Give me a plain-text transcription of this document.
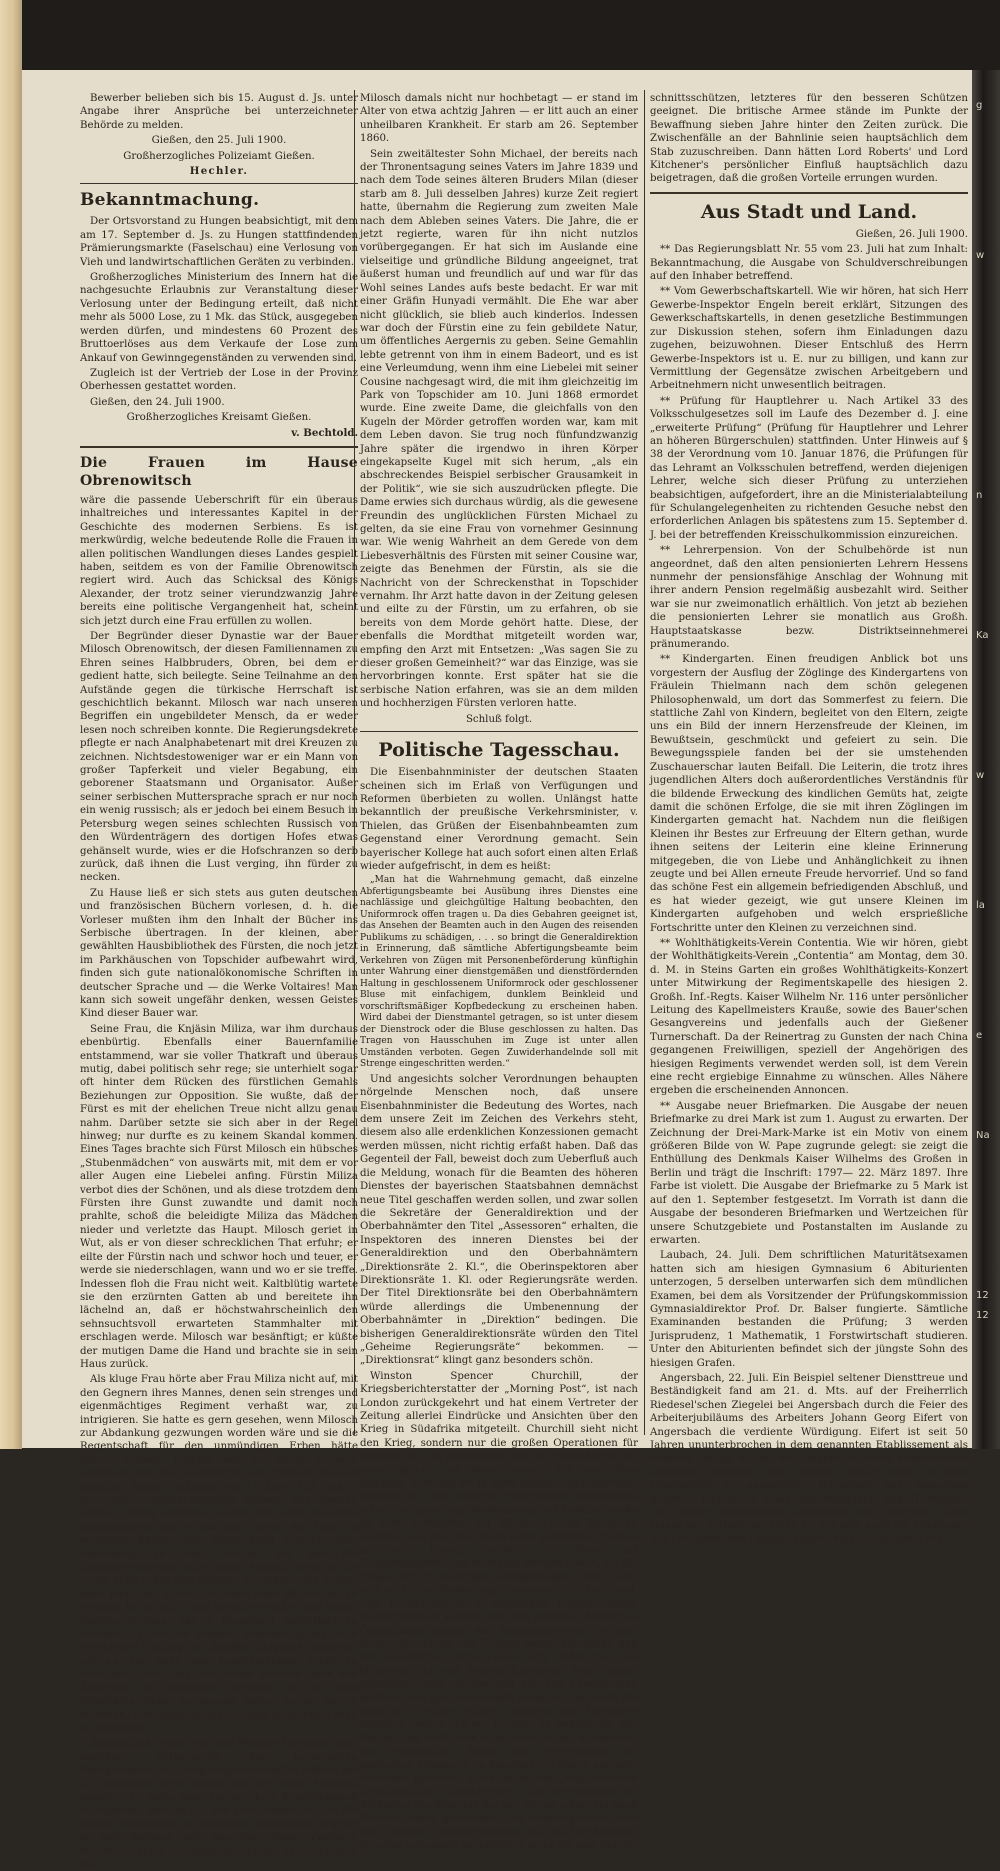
g
w
n
Ka
w
la
e
Na
12
12

Bewerber belieben sich bis 15. August d. Js. unter Angabe ihrer Ansprüche bei unterzeichneter Behörde zu melden.

Gießen, den 25. Juli 1900.

Großherzogliches Polizeiamt Gießen.

Hechler.

Bekanntmachung.

Der Ortsvorstand zu Hungen beabsichtigt, mit dem am 17. September d. Js. zu Hungen stattfindenden Prämierungsmarkte (Faselschau) eine Verlosung von Vieh und landwirtschaftlichen Geräten zu verbinden.

Großherzogliches Ministerium des Innern hat die nachgesuchte Erlaubnis zur Veranstaltung dieser Verlosung unter der Bedingung erteilt, daß nicht mehr als 5000 Lose, zu 1 Mk. das Stück, ausgegeben werden dürfen, und mindestens 60 Prozent des Bruttoerlöses aus dem Verkaufe der Lose zum Ankauf von Gewinngegenständen zu verwenden sind.

Zugleich ist der Vertrieb der Lose in der Provinz Oberhessen gestattet worden.

Gießen, den 24. Juli 1900.

Großherzogliches Kreisamt Gießen.

v. Bechtold.

Die Frauen im Hause Obrenowitsch

wäre die passende Ueberschrift für ein überaus inhaltreiches und interessantes Kapitel in der Geschichte des modernen Serbiens. Es ist merkwürdig, welche bedeutende Rolle die Frauen in allen politischen Wandlungen dieses Landes gespielt haben, seitdem es von der Familie Obrenowitsch regiert wird. Auch das Schicksal des Königs Alexander, der trotz seiner vierundzwanzig Jahre bereits eine politische Vergangenheit hat, scheint sich jetzt durch eine Frau erfüllen zu wollen.

Der Begründer dieser Dynastie war der Bauer Milosch Obrenowitsch, der diesen Familiennamen zu Ehren seines Halbbruders, Obren, bei dem er gedient hatte, sich beilegte. Seine Teilnahme an den Aufstände gegen die türkische Herrschaft ist geschichtlich bekannt. Milosch war nach unseren Begriffen ein ungebildeter Mensch, da er weder lesen noch schreiben konnte. Die Regierungsdekrete pflegte er nach Analphabetenart mit drei Kreuzen zu zeichnen. Nichtsdestoweniger war er ein Mann von großer Tapferkeit und vieler Begabung, ein geborener Staatsmann und Organisator. Außer seiner serbischen Muttersprache sprach er nur noch ein wenig russisch; als er jedoch bei einem Besuch in Petersburg wegen seines schlechten Russisch von den Würdenträgern des dortigen Hofes etwas gehänselt wurde, wies er die Hofschranzen so derb zurück, daß ihnen die Lust verging, ihn fürder zu necken.

Zu Hause ließ er sich stets aus guten deutschen und französischen Büchern vorlesen, d. h. die Vorleser mußten ihm den Inhalt der Bücher ins Serbische übertragen. In der kleinen, aber gewählten Hausbibliothek des Fürsten, die noch jetzt im Parkhäuschen von Topschider aufbewahrt wird, finden sich gute nationalökonomische Schriften in deutscher Sprache und — die Werke Voltaires! Man kann sich soweit ungefähr denken, wessen Geistes Kind dieser Bauer war.

Seine Frau, die Knjäsin Miliza, war ihm durchaus ebenbürtig. Ebenfalls einer Bauernfamilie entstammend, war sie voller Thatkraft und überaus mutig, dabei politisch sehr rege; sie unterhielt sogar oft hinter dem Rücken des fürstlichen Gemahls Beziehungen zur Opposition. Sie wußte, daß der Fürst es mit der ehelichen Treue nicht allzu genau nahm. Darüber setzte sie sich aber in der Regel hinweg; nur durfte es zu keinem Skandal kommen. Eines Tages brachte sich Fürst Milosch ein hübsches „Stubenmädchen“ von auswärts mit, mit dem er vor aller Augen eine Liebelei anfing. Fürstin Miliza verbot dies der Schönen, und als diese trotzdem dem Fürsten ihre Gunst zuwandte und damit noch prahlte, schoß die beleidigte Miliza das Mädchen nieder und verletzte das Haupt. Milosch geriet in Wut, als er von dieser schrecklichen That erfuhr; er eilte der Fürstin nach und schwor hoch und teuer, er werde sie niederschlagen, wann und wo er sie treffe. Indessen floh die Frau nicht weit. Kaltblütig wartete sie den erzürnten Gatten ab und bereitete ihn lächelnd an, daß er höchstwahrscheinlich den sehnsuchtsvoll erwarteten Stammhalter mit erschlagen werde. Milosch war besänftigt; er küßte der mutigen Dame die Hand und brachte sie in sein Haus zurück.

Als kluge Frau hörte aber Frau Miliza nicht auf, mit den Gegnern ihres Mannes, denen sein strenges und eigenmächtiges Regiment verhaßt war, zu intrigieren. Sie hatte es gern gesehen, wenn Milosch zur Abdankung gezwungen worden wäre und sie die Regentschaft für den unmündigen Erben hätte führen können. Endlich war die Sache so weit gediehen, daß die Skupschtina den Fürsten Milosch absetzte. Seine Erklärung vom 12. Juni 1839, daß er zu Gunsten seines nächsten Sohnes, des zweiten Sohnes Milan abdanke, wurde mit dem Bescheid angenommen, daß er und die Fürstin das Land zu verlassen hätten. Die Skupschtina schickte eine Abordnung an den Fürsten, um ihm die Landesverweisung mitzuteilen. Milosch empfing die Leute sehr ruhig und äußerte vornehm: „Ich bringe mich nicht auf; glaubt Ihr, ohne mich glücklicher zu werden, ist es gut.“ Bald darauf verließ er mit seiner Familie Serbien, um in Rumänien Aufenthalt zu nehmen. Es war ein schöner Sommertag, als er in vornehmer Haltung die Straßen Belgrads passierte, um an der Save das bereitstehende Schiff zu besteigen. Viele aus dem Volke weinten über den Abschied. Der türkischen Garnison, die ihr jeden öffentliche Ruhe zu sorgen hatte, wurde streng verboten, dem abgesetzten Fürsten fürstliche Ehren zu erweisen.

Bekanntlich wurde der alte Milosch Obrenowitsch, nachdem mittlerweile die bevorzugten Karageorgewitsch völlig abgewirtschaftet hatten, am 23. Dezember 1858 wieder auf den Thron Serbiens berufen. Er hatte zwar versprochen, konstitutionell zu regieren, aber es fiel ihm sehr schwer, sich in die neuen Verhältnisse zu schicken. Am meisten ärgerte er sich darüber, daß ihm die Finanzverwaltung monatlich seine Civilliste auszahlen ließ. Indessen war

Milosch damals nicht nur hochbetagt — er stand im Alter von etwa achtzig Jahren — er litt auch an einer unheilbaren Krankheit. Er starb am 26. September 1860.

Sein zweitältester Sohn Michael, der bereits nach der Thronentsagung seines Vaters im Jahre 1839 und nach dem Tode seines älteren Bruders Milan (dieser starb am 8. Juli desselben Jahres) kurze Zeit regiert hatte, übernahm die Regierung zum zweiten Male nach dem Ableben seines Vaters. Die Jahre, die er jetzt regierte, waren für ihn nicht nutzlos vorübergegangen. Er hat sich im Auslande eine vielseitige und gründliche Bildung angeeignet, trat äußerst human und freundlich auf und war für das Wohl seines Landes aufs beste bedacht. Er war mit einer Gräfin Hunyadi vermählt. Die Ehe war aber nicht glücklich, sie blieb auch kinderlos. Indessen war doch der Fürstin eine zu fein gebildete Natur, um öffentliches Aergernis zu geben. Seine Gemahlin lebte getrennt von ihm in einem Badeort, und es ist eine Verleumdung, wenn ihm eine Liebelei mit seiner Cousine nachgesagt wird, die mit ihm gleichzeitig im Park von Topschider am 10. Juni 1868 ermordet wurde. Eine zweite Dame, die gleichfalls von den Kugeln der Mörder getroffen worden war, kam mit dem Leben davon. Sie trug noch fünfundzwanzig Jahre später die irgendwo in ihren Körper eingekapselte Kugel mit sich herum, „als ein abschreckendes Beispiel serbischer Grausamkeit in der Politik“, wie sie sich auszudrücken pflegte. Die Dame erwies sich durchaus würdig, als die gewesene Freundin des unglücklichen Fürsten Michael zu gelten, da sie eine Frau von vornehmer Gesinnung war. Wie wenig Wahrheit an dem Gerede von dem Liebesverhältnis des Fürsten mit seiner Cousine war, zeigte das Benehmen der Fürstin, als sie die Nachricht von der Schreckensthat in Topschider vernahm. Ihr Arzt hatte davon in der Zeitung gelesen und eilte zu der Fürstin, um zu erfahren, ob sie bereits von dem Morde gehört hatte. Diese, der ebenfalls die Mordthat mitgeteilt worden war, empfing den Arzt mit Entsetzen: „Was sagen Sie zu dieser großen Gemeinheit?“ war das Einzige, was sie hervorbringen konnte. Erst später hat sie die serbische Nation erfahren, was sie an dem milden und hochherzigen Fürsten verloren hatte.

Schluß folgt.

Politische Tagesschau.

Die Eisenbahnminister der deutschen Staaten scheinen sich im Erlaß von Verfügungen und Reformen überbieten zu wollen. Unlängst hatte bekanntlich der preußische Verkehrsminister, v. Thielen, das Grüßen der Eisenbahnbeamten zum Gegenstand einer Verordnung gemacht. Sein bayerischer Kollege hat auch sofort einen alten Erlaß wieder aufgefrischt, in dem es heißt:

„Man hat die Wahrnehmung gemacht, daß einzelne Abfertigungsbeamte bei Ausübung ihres Dienstes eine nachlässige und gleichgültige Haltung beobachten, den Uniformrock offen tragen u. Da dies Gebahren geeignet ist, das Ansehen der Beamten auch in den Augen des reisenden Publikums zu schädigen, . . . so bringt die Generaldirektion in Erinnerung, daß sämtliche Abfertigungsbeamte beim Verkehren von Zügen mit Personenbeförderung künftighin unter Wahrung einer dienstgemäßen und dienstfördernden Haltung in geschlossenem Uniformrock oder geschlossener Bluse mit einfachigem, dunklem Beinkleid und vorschriftsmäßiger Kopfbedeckung zu erscheinen haben. Wird dabei der Dienstmantel getragen, so ist unter diesem der Dienstrock oder die Bluse geschlossen zu halten. Das Tragen von Hausschuhen im Zuge ist unter allen Umständen verboten. Gegen Zuwiderhandelnde soll mit Strenge eingeschritten werden.“

Und angesichts solcher Verordnungen behaupten nörgelnde Menschen noch, daß unsere Eisenbahnminister die Bedeutung des Wortes, nach dem unsere Zeit im Zeichen des Verkehrs steht, diesem also alle erdenklichen Konzessionen gemacht werden müssen, nicht richtig erfaßt haben. Daß das Gegenteil der Fall, beweist doch zum Ueberfluß auch die Meldung, wonach für die Beamten des höheren Dienstes der bayerischen Staatsbahnen demnächst neue Titel geschaffen werden sollen, und zwar sollen die Sekretäre der Generaldirektion und der Oberbahnämter den Titel „Assessoren“ erhalten, die Inspektoren des inneren Dienstes bei der Generaldirektion und den Oberbahnämtern „Direktionsräte 2. Kl.“, die Oberinspektoren aber Direktionsräte 1. Kl. oder Regierungsräte werden. Der Titel Direktionsräte bei den Oberbahnämtern würde allerdings die Umbenennung der Oberbahnämter in „Direktion“ bedingen. Die bisherigen Generaldirektionsräte würden den Titel „Geheime Regierungsräte“ bekommen. — „Direktionsrat“ klingt ganz besonders schön.

Winston Spencer Churchill, der Kriegsberichterstatter der „Morning Post“, ist nach London zurückgekehrt und hat einem Vertreter der Zeitung allerlei Eindrücke und Ansichten über den Krieg in Südafrika mitgeteilt. Churchill sieht nicht den Krieg, sondern nur die großen Operationen für beendet an. Ein genügender Teil des Burenheeres sei unverfolglich, und dieser werde bis zum Tode kämpfen oder bis er in eine solche Lage gedrängt worden sei, daß weiterer Widerstand hoffnungslos wäre. Die gewaltige Ausdehnung des Landes mache es sehr schwierig, mit diesen Leuten fertig zu werden, weil man sich doch nicht genügend Truppen befördern könne, sondern die Bahn zur Truppenbeförderung verwandt werden könne, sei die Frage der rückwärtigen Verbindungen nicht mehr von so vitaler Bedeutung, besonders da die Natal- und Freistaatlinien in englischen Händen seien. Wahrscheinlich würden sich die nächsten britischen Operationen gegen die Delagoabai-Bahn richten. Ueber die Lehren des Krieges meinte Churchill, daß der Kavallerist, dem Lanze und Säbel nur ein Hindernis sei, mit seinem Karabiner dem Gegner gegenüber sehr im Nachteil sei. Die Kavalleristen müßten eine gute Feuerwaffe erhalten, und nicht die Infanterie müsse reiten, sondern die Kavallerie schießen lernen. Es sei Unsinn, zu behaupten, der Bur sei ein berittener Infanterist; er sei Kavallerist, ein vorzüglicher Reiter. Der Verwendung der berittenen Infanterie zu Zwecken, zu denen sie nicht bestimmt gewesen, seien einige der „unglücklichen Zwischenfälle“ zuzuschreiben. Die Verwendung der Artillerie, die älter als die der Buren wäre, sei nach falschen Ideen geschehen. Das Mausergewehr habe eine bessere Ladevorrichtung, als das Lee-Metford-Gewehr, außerdem sei letzteres mehr für den Durch-

schnittsschützen, letzteres für den besseren Schützen geeignet. Die britische Armee stände im Punkte der Bewaffnung sieben Jahre hinter den Zeiten zurück. Die Zwischenfälle an der Bahnlinie seien hauptsächlich dem Stab zuzuschreiben. Dann hätten Lord Roberts' und Lord Kitchener's persönlicher Einfluß hauptsächlich dazu beigetragen, daß die großen Vorteile errungen wurden.

Aus Stadt und Land.

Gießen, 26. Juli 1900.

** Das Regierungsblatt Nr. 55 vom 23. Juli hat zum Inhalt: Bekanntmachung, die Ausgabe von Schuldverschreibungen auf den Inhaber betreffend.

** Vom Gewerbschaftskartell. Wie wir hören, hat sich Herr Gewerbe-Inspektor Engeln bereit erklärt, Sitzungen des Gewerkschaftskartells, in denen gesetzliche Bestimmungen zur Diskussion stehen, sofern ihm Einladungen dazu zugehen, beizuwohnen. Dieser Entschluß des Herrn Gewerbe-Inspektors ist u. E. nur zu billigen, und kann zur Vermittlung der Gegensätze zwischen Arbeitgebern und Arbeitnehmern nicht unwesentlich beitragen.

** Prüfung für Hauptlehrer u. Nach Artikel 33 des Volksschulgesetzes soll im Laufe des Dezember d. J. eine „erweiterte Prüfung“ (Prüfung für Hauptlehrer und Lehrer an höheren Bürgerschulen) stattfinden. Unter Hinweis auf § 38 der Verordnung vom 10. Januar 1876, die Prüfungen für das Lehramt an Volksschulen betreffend, werden diejenigen Lehrer, welche sich dieser Prüfung zu unterziehen beabsichtigen, aufgefordert, ihre an die Ministerialabteilung für Schulangelegenheiten zu richtenden Gesuche nebst den erforderlichen Anlagen bis spätestens zum 15. September d. J. bei der betreffenden Kreisschulkommission einzureichen.

** Lehrerpension. Von der Schulbehörde ist nun angeordnet, daß den alten pensionierten Lehrern Hessens nunmehr der pensionsfähige Anschlag der Wohnung mit ihrer andern Pension regelmäßig ausbezahlt wird. Seither war sie nur zweimonatlich erhältlich. Von jetzt ab beziehen die pensionierten Lehrer sie monatlich aus Großh. Hauptstaatskasse bezw. Distriktseinnehmerei pränumerando.

** Kindergarten. Einen freudigen Anblick bot uns vorgestern der Ausflug der Zöglinge des Kindergartens von Fräulein Thielmann nach dem schön gelegenen Philosophenwald, um dort das Sommerfest zu feiern. Die stattliche Zahl von Kindern, begleitet von den Eltern, zeigte uns ein Bild der innern Herzensfreude der Kleinen, im Bewußtsein, geschmückt und gefeiert zu sein. Die Bewegungsspiele fanden bei der sie umstehenden Zuschauerschar lauten Beifall. Die Leiterin, die trotz ihres jugendlichen Alters doch außerordentliches Verständnis für die bildende Erweckung des kindlichen Gemüts hat, zeigte damit die schönen Erfolge, die sie mit ihren Zöglingen im Kindergarten gemacht hat. Nachdem nun die fleißigen Kleinen ihr Bestes zur Erfreuung der Eltern gethan, wurde ihnen seitens der Leiterin eine kleine Erinnerung mitgegeben, die von Liebe und Anhänglichkeit zu ihnen zeugte und bei Allen erneute Freude hervorrief. Und so fand das schöne Fest ein allgemein befriedigenden Abschluß, und es hat wieder gezeigt, wie gut unsere Kleinen im Kindergarten aufgehoben und welch ersprießliche Fortschritte unter den Kleinen zu verzeichnen sind.

** Wohlthätigkeits-Verein Contentia. Wie wir hören, giebt der Wohlthätigkeits-Verein „Contentia“ am Montag, dem 30. d. M. in Steins Garten ein großes Wohlthätigkeits-Konzert unter Mitwirkung der Regimentskapelle des hiesigen 2. Großh. Inf.-Regts. Kaiser Wilhelm Nr. 116 unter persönlicher Leitung des Kapellmeisters Krauße, sowie des Bauer'schen Gesangvereins und jedenfalls auch der Gießener Turnerschaft. Da der Reinertrag zu Gunsten der nach China gegangenen Freiwilligen, speziell der Angehörigen des hiesigen Regiments verwendet werden soll, ist dem Verein eine recht ergiebige Einnahme zu wünschen. Alles Nähere ergeben die erscheinenden Annoncen.

** Ausgabe neuer Briefmarken. Die Ausgabe der neuen Briefmarke zu drei Mark ist zum 1. August zu erwarten. Der Zeichnung der Drei-Mark-Marke ist ein Motiv von einem größeren Bilde von W. Pape zugrunde gelegt: sie zeigt die Enthüllung des Denkmals Kaiser Wilhelms des Großen in Berlin und trägt die Inschrift: 1797— 22. März 1897. Ihre Farbe ist violett. Die Ausgabe der Briefmarke zu 5 Mark ist auf den 1. September festgesetzt. Im Vorrath ist dann die Ausgabe der besonderen Briefmarken und Wertzeichen für unsere Schutzgebiete und Postanstalten im Auslande zu erwarten.

Laubach, 24. Juli. Dem schriftlichen Maturitätsexamen hatten sich am hiesigen Gymnasium 6 Abiturienten unterzogen, 5 derselben unterwarfen sich dem mündlichen Examen, bei dem als Vorsitzender der Prüfungskommission Gymnasialdirektor Prof. Dr. Balser fungierte. Sämtliche Examinanden bestanden die Prüfung; 3 werden Jurisprudenz, 1 Mathematik, 1 Forstwirtschaft studieren. Unter den Abiturienten befindet sich der jüngste Sohn des hiesigen Grafen.

Angersbach, 22. Juli. Ein Beispiel seltener Diensttreue und Beständigkeit fand am 21. d. Mts. auf der Freiherrlich Riedesel'schen Ziegelei bei Angersbach durch die Feier des Arbeiterjubiläums des Arbeiters Johann Georg Eifert von Angersbach die verdiente Würdigung. Eifert ist seit 50 Jahren ununterbrochen in dem genannten Etablissement als Arbeiter thätig; er hat die Ziegelei in ihren bescheidenen Anfängen gesehen und arbeitet heute noch in dem Großbetrieb in ungestörter Rüstigkeit fort, allgemein geachtet und durch seine Zuverlässigkeit und Tüchtigkeit von seinen Arbeitgebern anerkannt und geschätzt. Dies zeigte der Verlauf der Feier, zu der sich auch die Mitglieder der Freiherrlichen Familie, Major Friedrich Riedesel Frei-
